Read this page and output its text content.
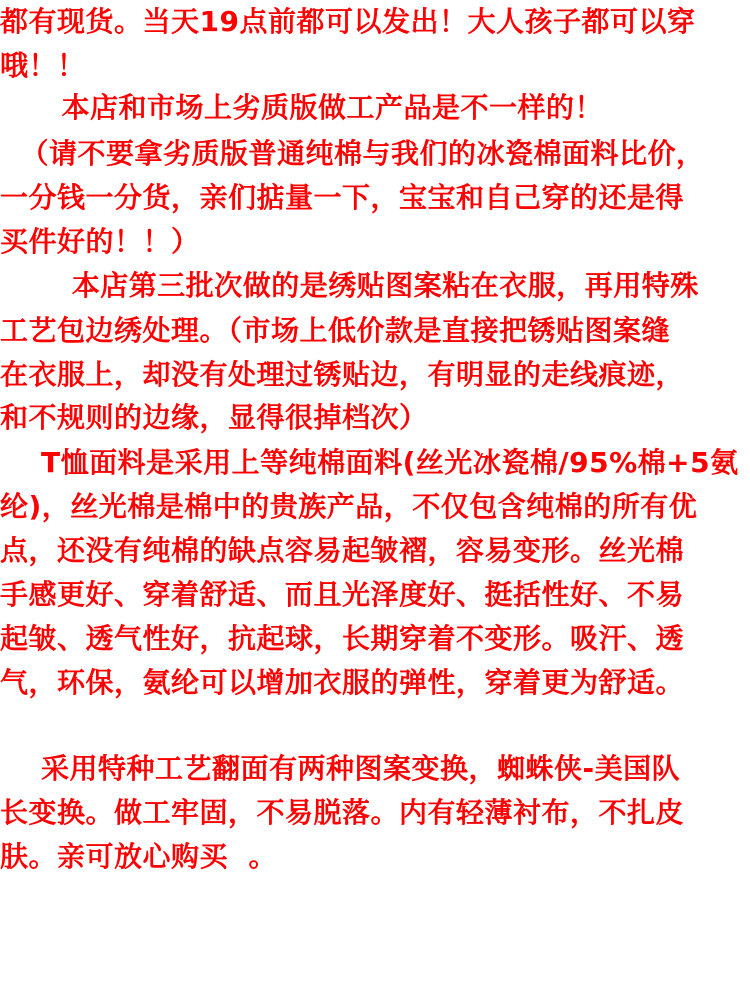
都有现货。当天19点前都可以发出！大人孩子都可以穿
哦！！
本店和市场上劣质版做工产品是不一样的！
（请不要拿劣质版普通纯棉与我们的冰瓷棉面料比价，
一分钱一分货，亲们掂量一下，宝宝和自己穿的还是得
买件好的！！）
本店第三批次做的是绣贴图案粘在衣服，再用特殊
工艺包边绣处理。（市场上低价款是直接把锈贴图案缝
在衣服上，却没有处理过锈贴边，有明显的走线痕迹，
和不规则的边缘，显得很掉档次）
T恤面料是采用上等纯棉面料(丝光冰瓷棉/95%棉+5氨
纶)，丝光棉是棉中的贵族产品，不仅包含纯棉的所有优
点，还没有纯棉的缺点容易起皱褶，容易变形。丝光棉
手感更好、穿着舒适、而且光泽度好、挺括性好、不易
起皱、透气性好，抗起球，长期穿着不变形。吸汗、透
气，环保，氨纶可以增加衣服的弹性，穿着更为舒适。
采用特种工艺翻面有两种图案变换，蜘蛛侠-美国队
长变换。做工牢固，不易脱落。内有轻薄衬布，不扎皮
肤。亲可放心购买  。
